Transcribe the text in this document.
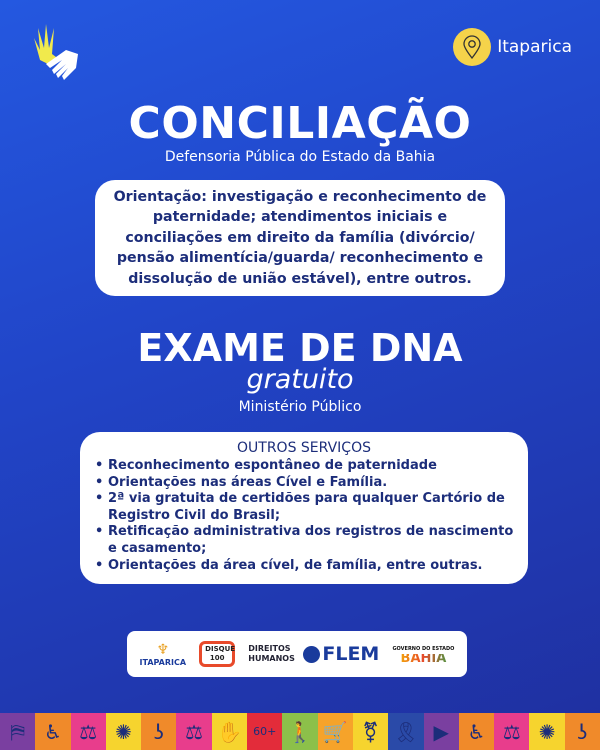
Itaparica
CONCILIAÇÃO
Defensoria Pública do Estado da Bahia
Orientação: investigação e reconhecimento de paternidade; atendimentos iniciais e conciliações em direito da família (divórcio/ pensão alimentícia/guarda/ reconhecimento e dissolução de união estável), entre outros.
EXAME DE DNA
gratuito
Ministério Público
OUTROS SERVIÇOS
• Reconhecimento espontâneo de paternidade
• Orientações nas áreas Cível e Família.
• 2ª via gratuita de certidões para qualquer Cartório de Registro Civil do Brasil;
• Retificação administrativa dos registros de nascimento e casamento;
• Orientações da área cível, de família, entre outras.
♆
ITAPARICA
DISQUE 100
DIREITOS HUMANOS FLEM	GOVERNO DO ESTADO
BAHIA
⛿ ♿ ⚖ ✺	ʖ	⚖ ✋	60+ 🚶 🛒 ⚧ 🎗 ▶ ♿ ⚖ ✺	ʖ
